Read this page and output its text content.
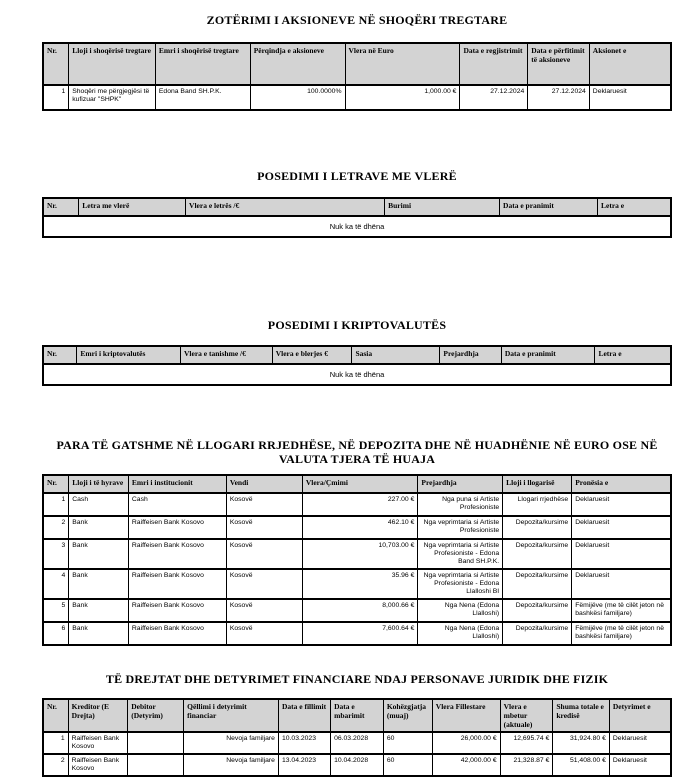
ZOTËRIMI I AKSIONEVE NË SHOQËRI TREGTARE
Nr.	Lloji i shoqërisë tregtare	Emri i shoqërisë tregtare	Përqindja e aksioneve	Vlera në Euro	Data e regjistrimit	Data e përfitimit të aksioneve	Aksionet e
1	Shoqëri me përgjegjësi të kufizuar "SHPK"	Edona Band SH.P.K.	100.0000%	1,000.00 €	27.12.2024	27.12.2024	Deklaruesit
POSEDIMI I LETRAVE ME VLERË
Nr.	Letra me vlerë	Vlera e letrës /€	Burimi	Data e pranimit	Letra e
Nuk ka të dhëna
POSEDIMI I KRIPTOVALUTËS
Nr.	Emri i kriptovalutës	Vlera e tanishme /€	Vlera e blerjes €	Sasia	Prejardhja	Data e pranimit	Letra e
Nuk ka të dhëna
PARA TË GATSHME NË LLOGARI RRJEDHËSE, NË DEPOZITA DHE NË HUADHËNIE NË EURO OSE NË VALUTA TJERA TË HUAJA
Nr.	Lloji i të hyrave	Emri i institucionit	Vendi	Vlera/Çmimi	Prejardhja	Lloji i llogarisë	Pronësia e
1	Cash	Cash	Kosovë	227.00 €	Nga puna si Artiste Profesioniste	Llogari rrjedhëse	Deklaruesit
2	Bank	Raiffeisen Bank Kosovo	Kosovë	462.10 €	Nga veprimtaria si Artiste Profesioniste	Depozita/kursime	Deklaruesit
3	Bank	Raiffeisen Bank Kosovo	Kosovë	10,703.00 €	Nga veprimtaria si Artiste Profesioniste - Edona Band SH.P.K.	Depozita/kursime	Deklaruesit
4	Bank	Raiffeisen Bank Kosovo	Kosovë	35.96 €	Nga veprimtaria si Artiste Profesioniste - Edona Llalloshi BI	Depozita/kursime	Deklaruesit
5	Bank	Raiffeisen Bank Kosovo	Kosovë	8,000.66 €	Nga Nena (Edona Llalloshi)	Depozita/kursime	Fëmijëve (me të cilët jeton në bashkësi familjare)
6	Bank	Raiffeisen Bank Kosovo	Kosovë	7,600.64 €	Nga Nena (Edona Llalloshi)	Depozita/kursime	Fëmijëve (me të cilët jeton në bashkësi familjare)
TË DREJTAT DHE DETYRIMET FINANCIARE NDAJ PERSONAVE JURIDIK DHE FIZIK
Nr.	Kreditor (E Drejta)	Debitor (Detyrim)	Qëllimi i detyrimit financiar	Data e fillimit	Data e mbarimit	Kohëzgjatja (muaj)	Vlera Fillestare	Vlera e mbetur (aktuale)	Shuma totale e kredisë	Detyrimet e
1	Raiffeisen Bank Kosovo		Nevoja familjare	10.03.2023	06.03.2028	60	26,000.00 €	12,695.74 €	31,924.80 €	Deklaruesit
2	Raiffeisen Bank Kosovo		Nevoja familjare	13.04.2023	10.04.2028	60	42,000.00 €	21,328.87 €	51,408.00 €	Deklaruesit
